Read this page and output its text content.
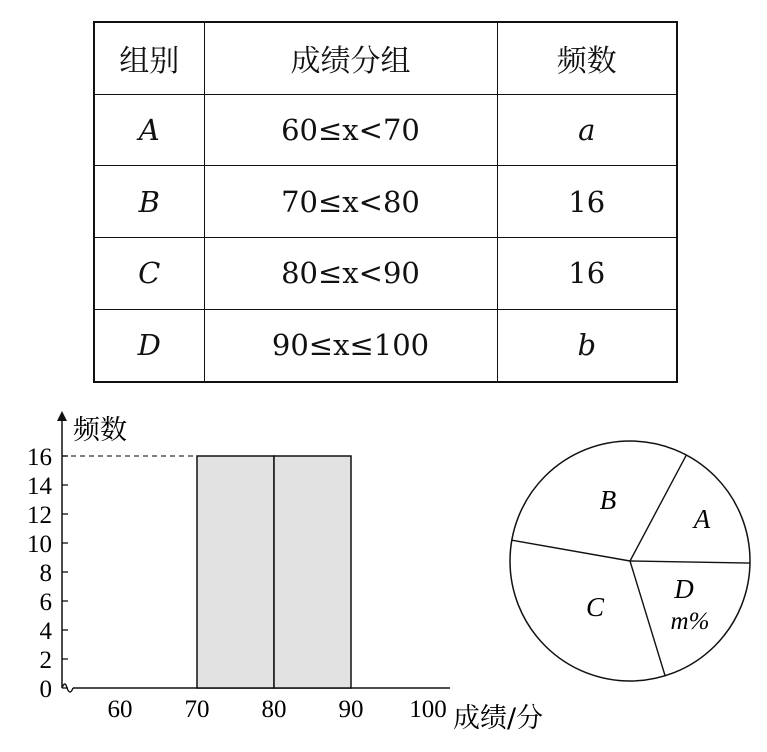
组别	成绩分组	频数
A	60≤x<70	a
B	70≤x<80	16
C	80≤x<90	16
D	90≤x≤100	b
频数
成绩/分
0
2
4
6
8
10
12
14
16
60 70 80 90 100
B
A
D
C	m%
